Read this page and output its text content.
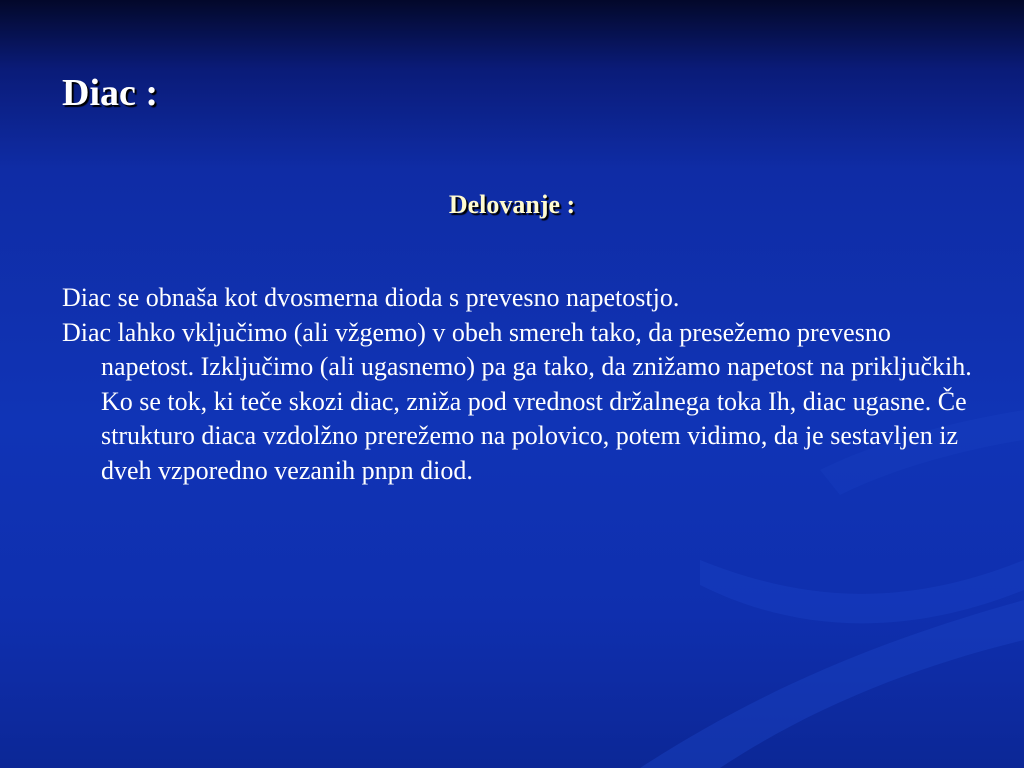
Diac :
Delovanje :

Diac se obnaša kot dvosmerna dioda s prevesno napetostjo.

Diac lahko vključimo (ali vžgemo) v obeh smereh tako, da presežemo prevesno napetost. Izključimo (ali ugasnemo) pa ga tako, da znižamo napetost na priključkih. Ko se tok, ki teče skozi diac, zniža pod vrednost držalnega toka Ih, diac ugasne. Če strukturo diaca vzdolžno prerežemo na polovico, potem vidimo, da je sestavljen iz dveh vzporedno vezanih pnpn diod.
